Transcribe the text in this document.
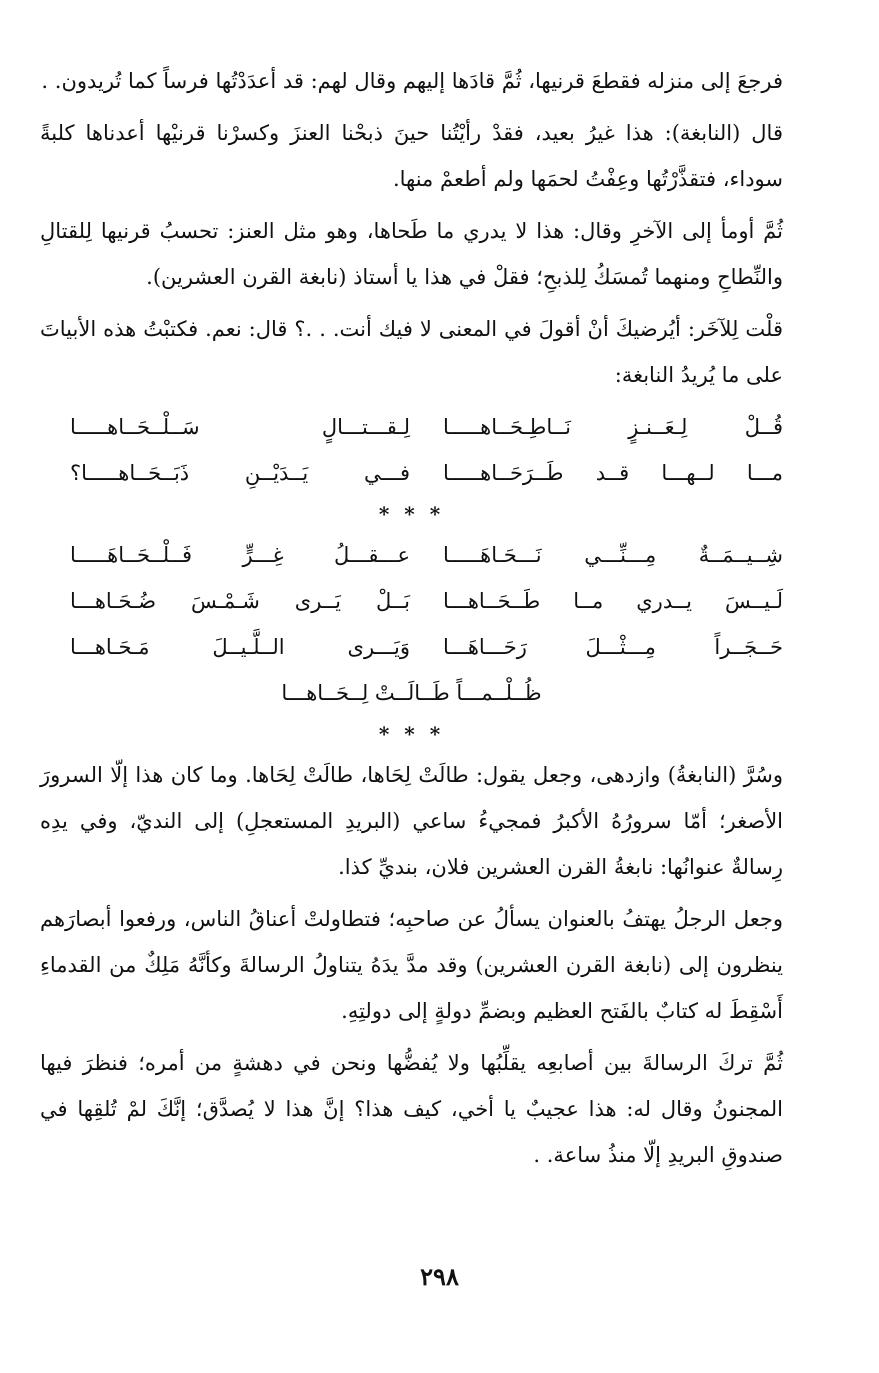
فرجعَ إلى منزله فقطعَ قرنيها، ثُمَّ قادَها إليهم وقال لهم: قد أعدَدْتُها فرساً كما تُريدون. .

قال (النابغة): هذا غيرُ بعيد، فقدْ رأيْتُنا حينَ ذبحْنا العنزَ وكسرْنا قرنيْها أعدناها كلبةً سوداء، فتقذَّرْتُها وعِفْتُ لحمَها ولم أطعمْ منها.

ثُمَّ أومأ إلى الآخرِ وقال: هذا لا يدري ما طَحاها، وهو مثل العنز: تحسبُ قرنيها لِلقتالِ والنِّطاحِ ومنهما تُمسَكُ لِلذبحِ؛ فقلْ في هذا يا أستاذ (نابغة القرن العشرين).

قلْت لِلآخَر: أيُرضيكَ أنْ أقولَ في المعنى لا فيك أنت. . .؟ قال: نعم. فكتبْتُ هذه الأبياتَ على ما يُريدُ النابغة:

قُــلْ لِـعَــنـزٍ نَــاطِـحَــاهـــــا
لِـقـــتـــالٍ سَــلْــحَــاهـــــا
مـــا لــهـــا قــد طَــرَحَــاهـــــا
فـــي يَــدَيْــنِ ذَبَــحَــاهـــــا؟
* * *
شِــيــمَــةٌ مِـــنِّـــي نَـــحَـاهَـــــا
عـــقـــلُ غِـــرٍّ فَــلْــحَــاهَـــــا
لَـيــسَ يــدري مــا طَــحَــاهـــا
بَــلْ يَــرى شَـمْـسَ ضُـحَـاهـــا
حَــجَــراً مِـــثْـــلَ رَحَـــاهَـــا
وَيَـــرى الــلَّـيــلَ مَـحَـاهـــا
ظُــلْــمـــاً طَــالَــتْ لِــحَــاهـــا
* * *

وسُرَّ (النابغةُ) وازدهى، وجعل يقول: طالَتْ لِحَاها، طالَتْ لِحَاها. وما كان هذا إلّا السرورَ الأصغر؛ أمّا سرورُهُ الأكبرُ فمجيءُ ساعي (البريدِ المستعجلِ) إلى النديّ، وفي يدِه رِسالةٌ عنوانُها: نابغةُ القرن العشرين فلان، بنديِّ كذا.

وجعل الرجلُ يهتفُ بالعنوان يسألُ عن صاحبِه؛ فتطاولتْ أعناقُ الناس، ورفعوا أبصارَهم ينظرون إلى (نابغة القرن العشرين) وقد مدَّ يدَهُ يتناولُ الرسالةَ وكأنَّهُ مَلِكٌ من القدماءِ أَسْقِطَ له كتابٌ بالفَتح العظيم وبضمِّ دولةٍ إلى دولتِهِ.

ثُمَّ تركَ الرسالةَ بين أصابعِه يقلِّبُها ولا يُفضُّها ونحن في دهشةٍ من أمره؛ فنظرَ فيها المجنونُ وقال له: هذا عجيبٌ يا أخي، كيف هذا؟ إنَّ هذا لا يُصدَّق؛ إنَّكَ لمْ تُلقِها في صندوقِ البريدِ إلّا منذُ ساعة. .

٢٩٨
